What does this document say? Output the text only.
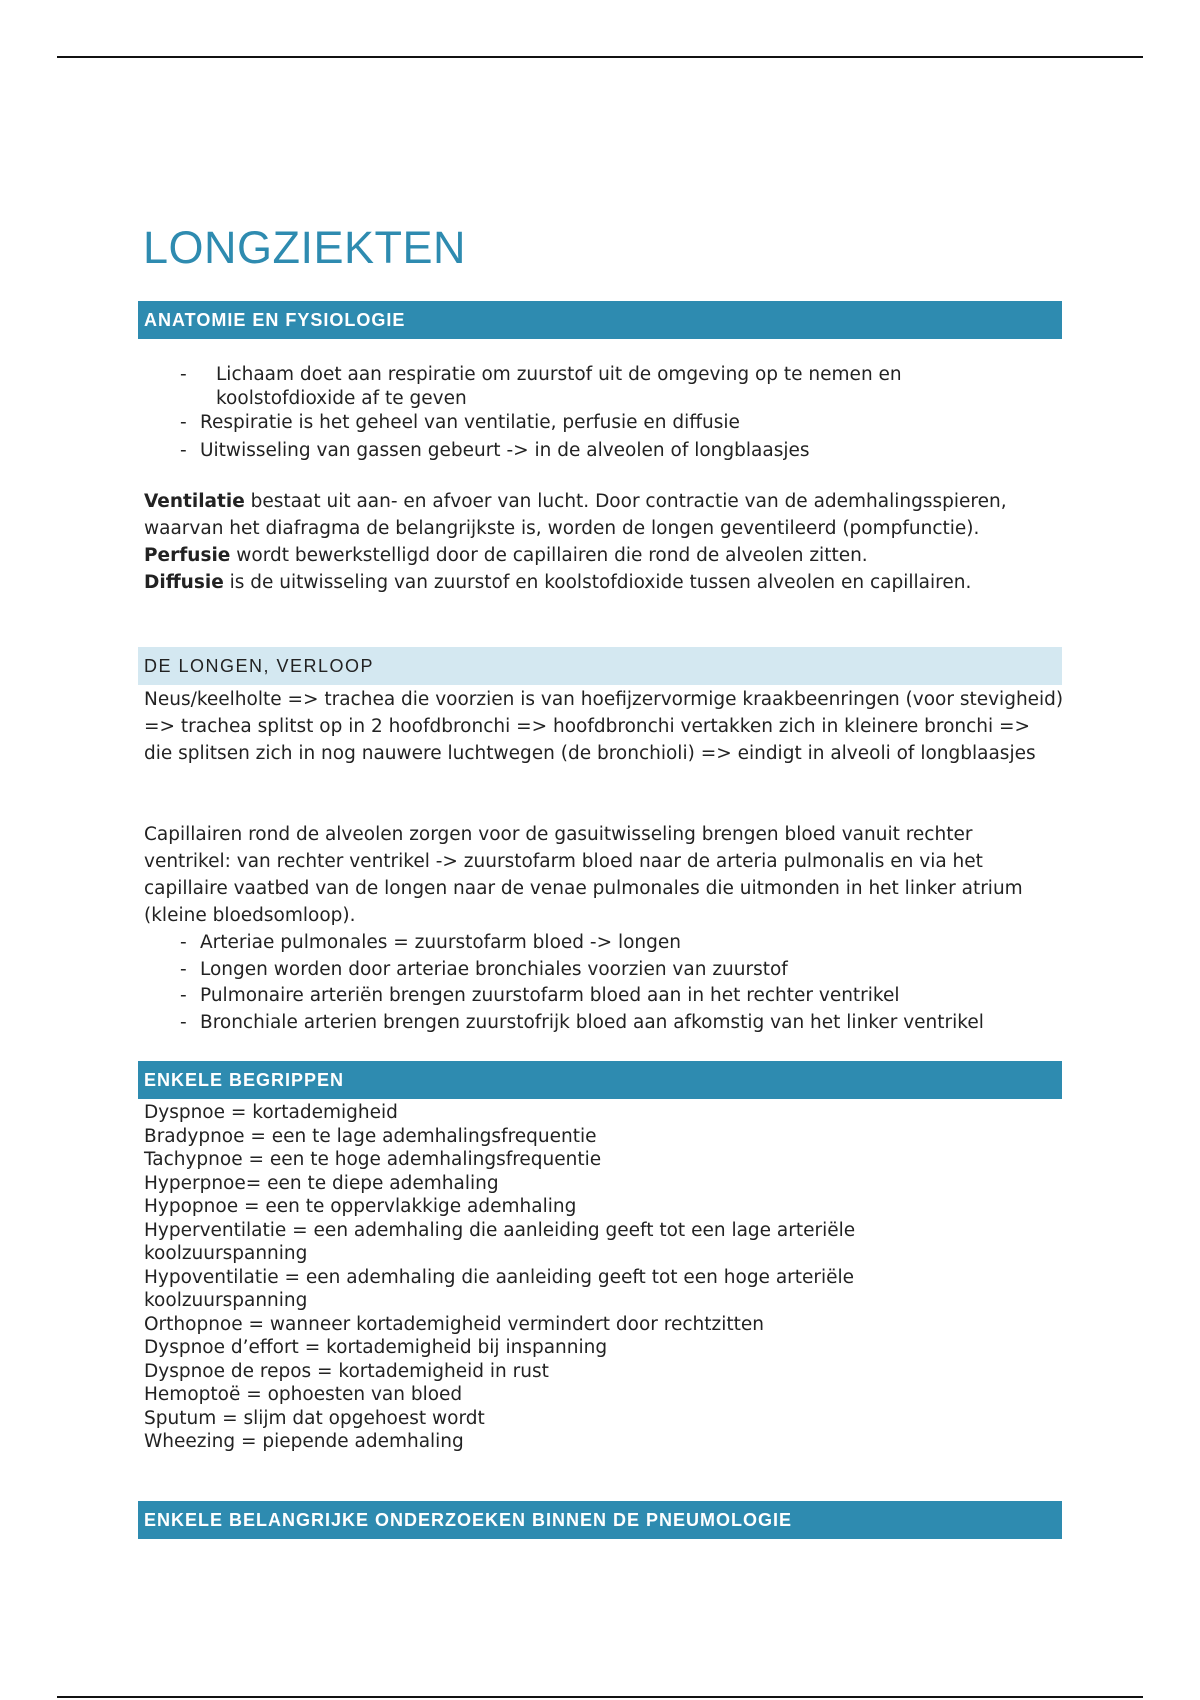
LONGZIEKTEN
ANATOMIE EN FYSIOLOGIE
- Lichaam doet aan respiratie om zuurstof uit de omgeving op te nemen en koolstofdioxide af te geven
- Respiratie is het geheel van ventilatie, perfusie en diffusie
- Uitwisseling van gassen gebeurt -> in de alveolen of longblaasjes

Ventilatie bestaat uit aan- en afvoer van lucht. Door contractie van de ademhalingsspieren, waarvan het diafragma de belangrijkste is, worden de longen geventileerd (pompfunctie).

Perfusie wordt bewerkstelligd door de capillairen die rond de alveolen zitten.

Diffusie is de uitwisseling van zuurstof en koolstofdioxide tussen alveolen en capillairen.

DE LONGEN, VERLOOP

Neus/keelholte => trachea die voorzien is van hoefijzervormige kraakbeenringen (voor stevigheid) => trachea splitst op in 2 hoofdbronchi => hoofdbronchi vertakken zich in kleinere bronchi => die splitsen zich in nog nauwere luchtwegen (de bronchioli) => eindigt in alveoli of longblaasjes

Capillairen rond de alveolen zorgen voor de gasuitwisseling brengen bloed vanuit rechter ventrikel: van rechter ventrikel -> zuurstofarm bloed naar de arteria pulmonalis en via het capillaire vaatbed van de longen naar de venae pulmonales die uitmonden in het linker atrium (kleine bloedsomloop).

- Arteriae pulmonales = zuurstofarm bloed -> longen
- Longen worden door arteriae bronchiales voorzien van zuurstof
- Pulmonaire arteriën brengen zuurstofarm bloed aan in het rechter ventrikel
- Bronchiale arterien brengen zuurstofrijk bloed aan afkomstig van het linker ventrikel
ENKELE BEGRIPPEN

Dyspnoe = kortademigheid

Bradypnoe = een te lage ademhalingsfrequentie

Tachypnoe = een te hoge ademhalingsfrequentie

Hyperpnoe= een te diepe ademhaling

Hypopnoe = een te oppervlakkige ademhaling

Hyperventilatie = een ademhaling die aanleiding geeft tot een lage arteriële koolzuurspanning

Hypoventilatie = een ademhaling die aanleiding geeft tot een hoge arteriële koolzuurspanning

Orthopnoe = wanneer kortademigheid vermindert door rechtzitten

Dyspnoe d’effort = kortademigheid bij inspanning

Dyspnoe de repos = kortademigheid in rust

Hemoptoë = ophoesten van bloed

Sputum = slijm dat opgehoest wordt

Wheezing = piepende ademhaling

ENKELE BELANGRIJKE ONDERZOEKEN BINNEN DE PNEUMOLOGIE
